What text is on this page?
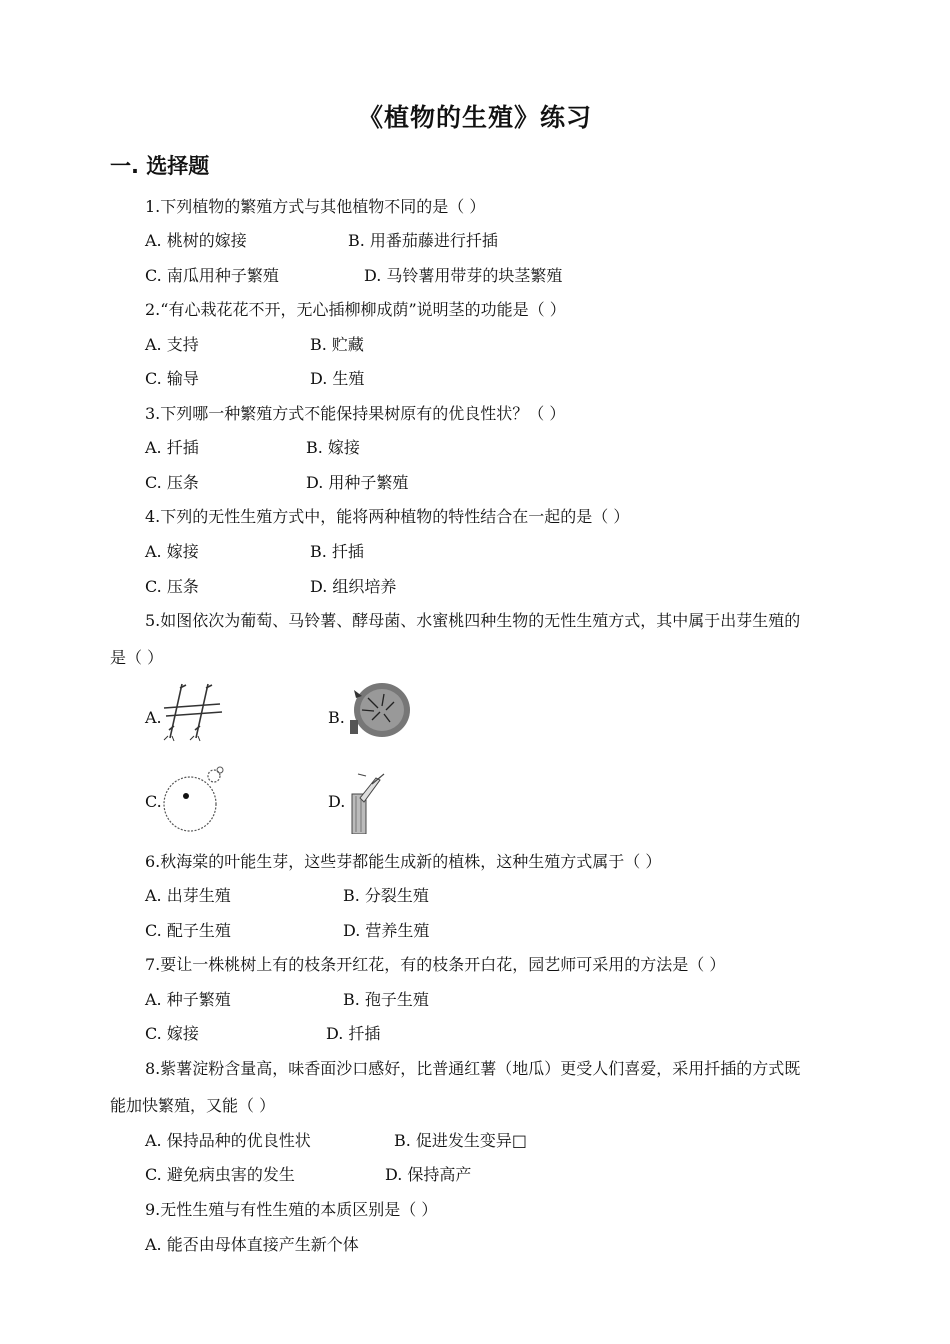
《植物的生殖》练习
一. 选择题
1.下列植物的繁殖方式与其他植物不同的是（ ）
A. 桃树的嫁接	B. 用番茄藤进行扦插
C. 南瓜用种子繁殖	D. 马铃薯用带芽的块茎繁殖
2.“有心栽花花不开，无心插柳柳成荫”说明茎的功能是（ ）
A. 支持	B. 贮藏
C. 输导	D. 生殖
3.下列哪一种繁殖方式不能保持果树原有的优良性状？（ ）
A. 扦插	B. 嫁接
C. 压条	D. 用种子繁殖
4.下列的无性生殖方式中，能将两种植物的特性结合在一起的是（ ）
A. 嫁接	B. 扦插
C. 压条	D. 组织培养
5.如图依次为葡萄、马铃薯、酵母菌、水蜜桃四种生物的无性生殖方式，其中属于出芽生殖的
是（ ）
A.	B.
C.	D.
6.秋海棠的叶能生芽，这些芽都能生成新的植株，这种生殖方式属于（ ）
A. 出芽生殖	B. 分裂生殖
C. 配子生殖	D. 营养生殖
7.要让一株桃树上有的枝条开红花，有的枝条开白花，园艺师可采用的方法是（ ）
A. 种子繁殖	B. 孢子生殖
C. 嫁接	D. 扦插
8.紫薯淀粉含量高，味香面沙口感好，比普通红薯（地瓜）更受人们喜爱，采用扦插的方式既
能加快繁殖，又能（ ）
A. 保持品种的优良性状	B. 促进发生变异□
C. 避免病虫害的发生	D. 保持高产
9.无性生殖与有性生殖的本质区别是（ ）
A. 能否由母体直接产生新个体
